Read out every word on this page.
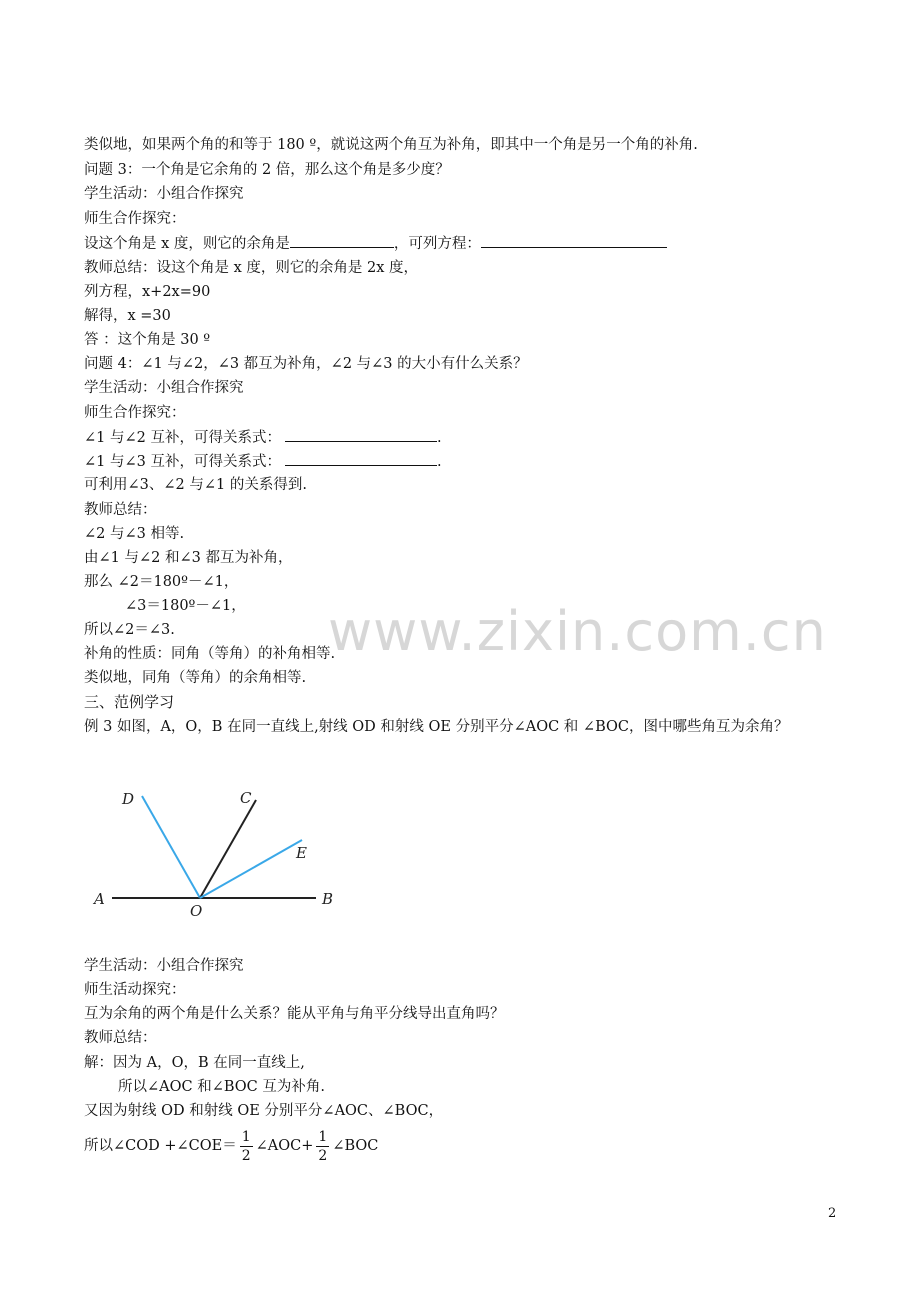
www.zixin.com.cn
类似地，如果两个角的和等于 180 º，就说这两个角互为补角，即其中一个角是另一个角的补角.
问题 3：一个角是它余角的 2 倍，那么这个角是多少度？
学生活动：小组合作探究
师生合作探究：
设这个角是 x 度，则它的余角是	，可列方程：
教师总结：设这个角是 x 度，则它的余角是 2x 度，
列方程，x+2x=90
解得，x =30
答 ：这个角是 30 º
问题 4：∠1 与∠2，∠3 都互为补角，∠2 与∠3 的大小有什么关系？
学生活动：小组合作探究
师生合作探究：
∠1 与∠2 互补，可得关系式：	.
∠1 与∠3 互补，可得关系式：	.
可利用∠3、∠2 与∠1 的关系得到.
教师总结：
∠2 与∠3 相等.
由∠1 与∠2 和∠3 都互为补角，
那么 ∠2＝180º－∠1，
∠3＝180º－∠1，
所以∠2＝∠3.
补角的性质：同角（等角）的补角相等.
类似地，同角（等角）的余角相等.
三、范例学习
例 3 如图，A，O，B 在同一直线上,射线 OD 和射线 OE 分别平分∠AOC 和 ∠BOC，图中哪些角互为余角？
D	C
E
A
O
B
学生活动：小组合作探究
师生活动探究：
互为余角的两个角是什么关系？能从平角与角平分线导出直角吗？
教师总结：
解：因为 A，O，B 在同一直线上,
所以∠AOC 和∠BOC 互为补角.
又因为射线 OD 和射线 OE 分别平分∠AOC、∠BOC，
所以∠COD +∠COE＝ $\frac{1}{2}$ ∠AOC+ $\frac{1}{2}$ ∠BOC
2
